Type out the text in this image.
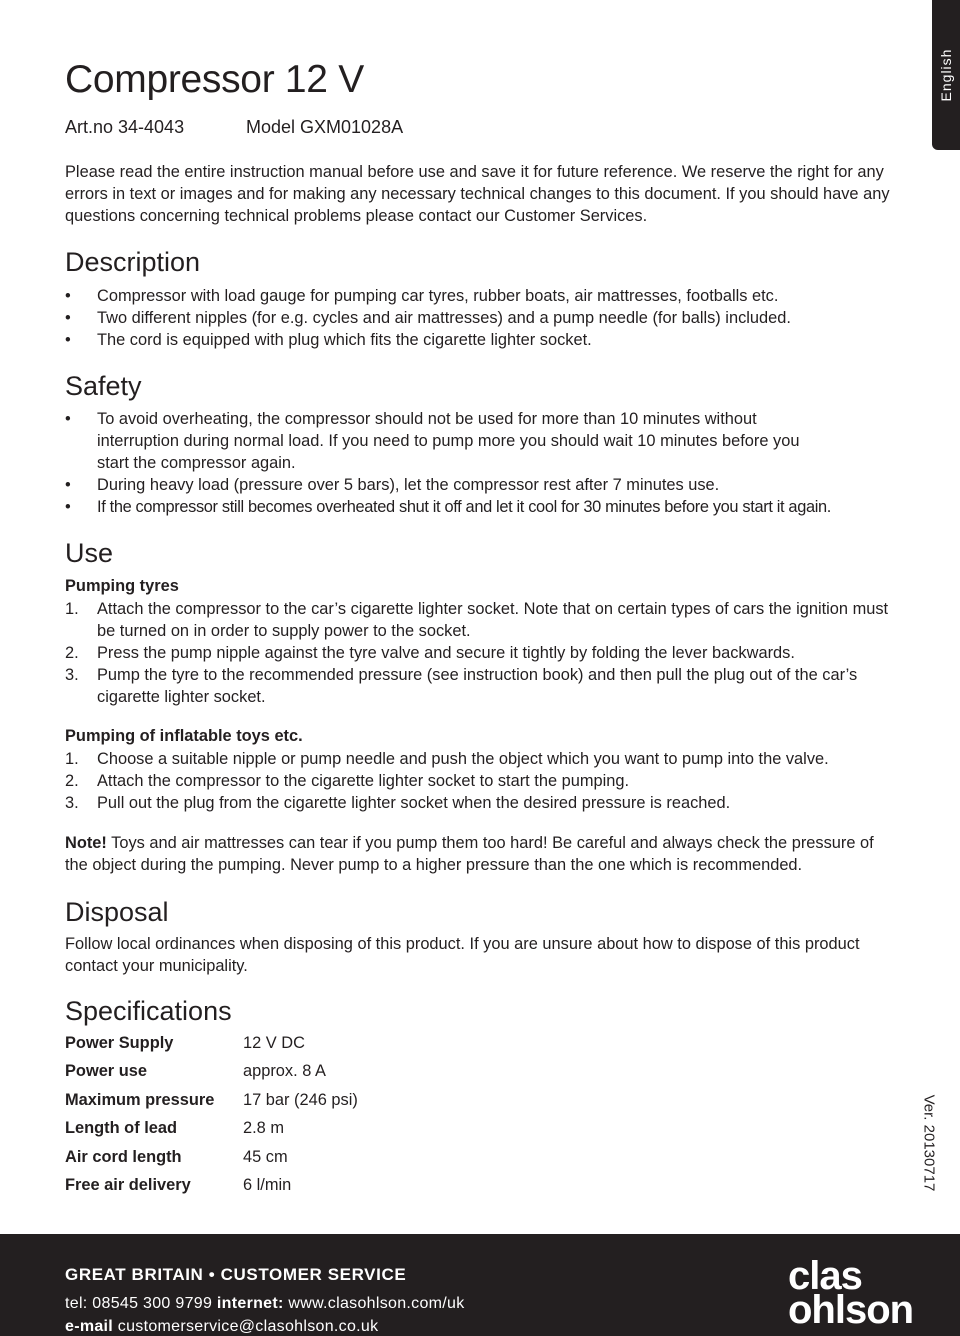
English
Compressor 12 V
Art.no 34-4043	Model GXM01028A

Please read the entire instruction manual before use and save it for future reference. We reserve the right for any errors in text or images and for making any necessary technical changes to this document. If you should have any questions concerning technical problems please contact our Customer Services.

Description
• Compressor with load gauge for pumping car tyres, rubber boats, air mattresses, footballs etc.
• Two different nipples (for e.g. cycles and air mattresses) and a pump needle (for balls) included.
• The cord is equipped with plug which fits the cigarette lighter socket.
Safety
• To avoid overheating, the compressor should not be used for more than 10 minutes without interruption during normal load. If you need to pump more you should wait 10 minutes before you start the compressor again.
• During heavy load (pressure over 5 bars), let the compressor rest after 7 minutes use.
• If the compressor still becomes overheated shut it off and let it cool for 30 minutes before you start it again.
Use
Pumping tyres
1. Attach the compressor to the car’s cigarette lighter socket. Note that on certain types of cars the ignition must be turned on in order to supply power to the socket.
2. Press the pump nipple against the tyre valve and secure it tightly by folding the lever backwards.
3. Pump the tyre to the recommended pressure (see instruction book) and then pull the plug out of the car’s cigarette lighter socket.
Pumping of inflatable toys etc.
1. Choose a suitable nipple or pump needle and push the object which you want to pump into the valve.
2. Attach the compressor to the cigarette lighter socket to start the pumping.
3. Pull out the plug from the cigarette lighter socket when the desired pressure is reached.

Note! Toys and air mattresses can tear if you pump them too hard! Be careful and always check the pressure of the object during the pumping. Never pump to a higher pressure than the one which is recommended.

Disposal

Follow local ordinances when disposing of this product. If you are unsure about how to dispose of this product contact your municipality.

Specifications
Power Supply	12 V DC
Power use	approx. 8 A
Maximum pressure	17 bar (246 psi)
Length of lead	2.8 m
Air cord length	45 cm
Free air delivery	6 l/min	Ver. 20130717
GREAT BRITAIN • CUSTOMER SERVICE
tel: 08545 300 9799 internet: www.clasohlson.com/uk
e-mail customerservice@clasohlson.co.uk
clas
ohlson
